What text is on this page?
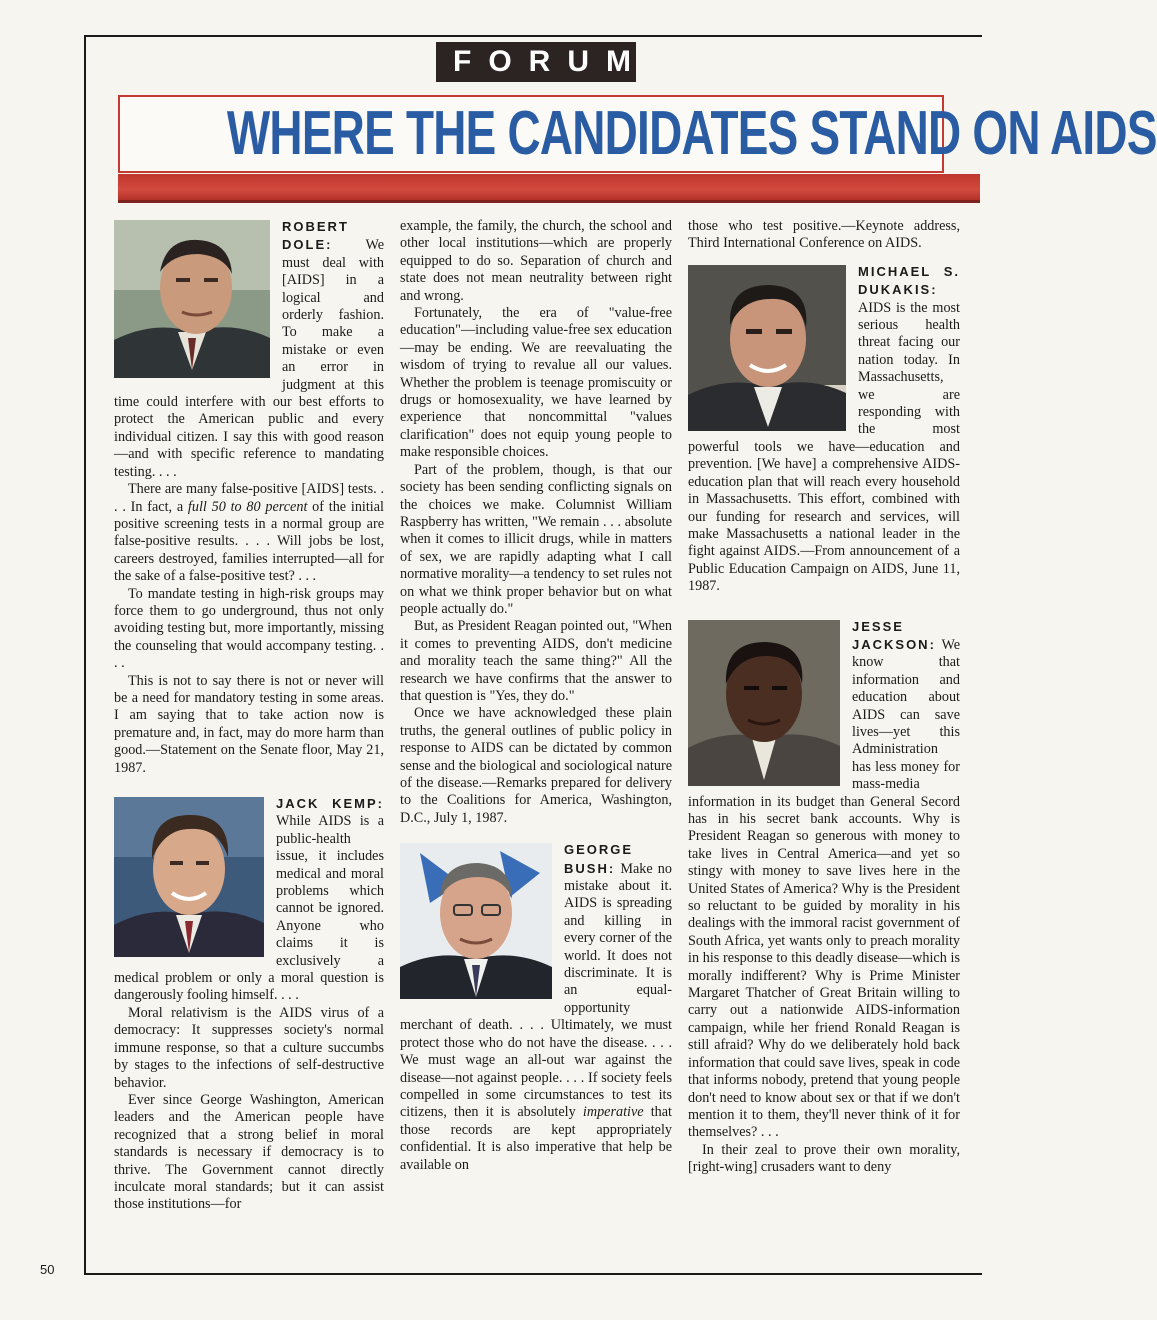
FORUM
WHERE THE CANDIDATES STAND ON AIDS

ROBERT DOLE: We must deal with [AIDS] in a logical and orderly fashion. To make a mistake or even an error in judgment at this time could interfere with our best efforts to protect the American public and every individual citizen. I say this with good reason—and with specific reference to mandating testing. . . .

There are many false-positive [AIDS] tests. . . . In fact, a full 50 to 80 percent of the initial positive screening tests in a normal group are false-positive results. . . . Will jobs be lost, careers destroyed, families interrupted—all for the sake of a false-positive test? . . .

To mandate testing in high-risk groups may force them to go underground, thus not only avoiding testing but, more importantly, missing the counseling that would accompany testing. . . .

This is not to say there is not or never will be a need for mandatory testing in some areas. I am saying that to take action now is premature and, in fact, may do more harm than good.—Statement on the Senate floor, May 21, 1987.

JACK KEMP: While AIDS is a public-health issue, it includes medical and moral problems which cannot be ignored. Anyone who claims it is exclusively a medical problem or only a moral question is dangerously fooling himself. . . .

Moral relativism is the AIDS virus of a democracy: It suppresses society's normal immune response, so that a culture succumbs by stages to the infections of self-destructive behavior.

Ever since George Washington, American leaders and the American people have recognized that a strong belief in moral standards is necessary if democracy is to thrive. The Government cannot directly inculcate moral standards; but it can assist those institutions—for

example, the family, the church, the school and other local institutions—which are properly equipped to do so. Separation of church and state does not mean neutrality between right and wrong.

Fortunately, the era of "value-free education"—including value-free sex education—may be ending. We are reevaluating the wisdom of trying to revalue all our values. Whether the problem is teenage promiscuity or drugs or homosexuality, we have learned by experience that noncommittal "values clarification" does not equip young people to make responsible choices.

Part of the problem, though, is that our society has been sending conflicting signals on the choices we make. Columnist William Raspberry has written, "We remain . . . absolute when it comes to illicit drugs, while in matters of sex, we are rapidly adapting what I call normative morality—a tendency to set rules not on what we think proper behavior but on what people actually do."

But, as President Reagan pointed out, "When it comes to preventing AIDS, don't medicine and morality teach the same thing?" All the research we have confirms that the answer to that question is "Yes, they do."

Once we have acknowledged these plain truths, the general outlines of public policy in response to AIDS can be dictated by common sense and the biological and sociological nature of the disease.—Remarks prepared for delivery to the Coalitions for America, Washington, D.C., July 1, 1987.

GEORGE BUSH: Make no mistake about it. AIDS is spreading and killing in every corner of the world. It does not discriminate. It is an equal-opportunity merchant of death. . . . Ultimately, we must protect those who do not have the disease. . . . We must wage an all-out war against the disease—not against people. . . . If society feels compelled in some circumstances to test its citizens, then it is absolutely imperative that those records are kept appropriately confidential. It is also imperative that help be available on

those who test positive.—Keynote address, Third International Conference on AIDS.

MICHAEL S. DUKAKIS: AIDS is the most serious health threat facing our nation today. In Massachusetts, we are responding with the most powerful tools we have—education and prevention. [We have] a comprehensive AIDS-education plan that will reach every household in Massachusetts. This effort, combined with our funding for research and services, will make Massachusetts a national leader in the fight against AIDS.—From announcement of a Public Education Campaign on AIDS, June 11, 1987.

JESSE JACKSON: We know that information and education about AIDS can save lives—yet this Administration has less money for mass-media information in its budget than General Secord has in his secret bank accounts. Why is President Reagan so generous with money to take lives in Central America—and yet so stingy with money to save lives here in the United States of America? Why is the President so reluctant to be guided by morality in his dealings with the immoral racist government of South Africa, yet wants only to preach morality in his response to this deadly disease—which is morally indifferent? Why is Prime Minister Margaret Thatcher of Great Britain willing to carry out a nationwide AIDS-information campaign, while her friend Ronald Reagan is still afraid? Why do we deliberately hold back information that could save lives, speak in code that informs nobody, pretend that young people don't need to know about sex or that if we don't mention it to them, they'll never think of it for themselves? . . .

In their zeal to prove their own morality, [right-wing] crusaders want to deny

50
